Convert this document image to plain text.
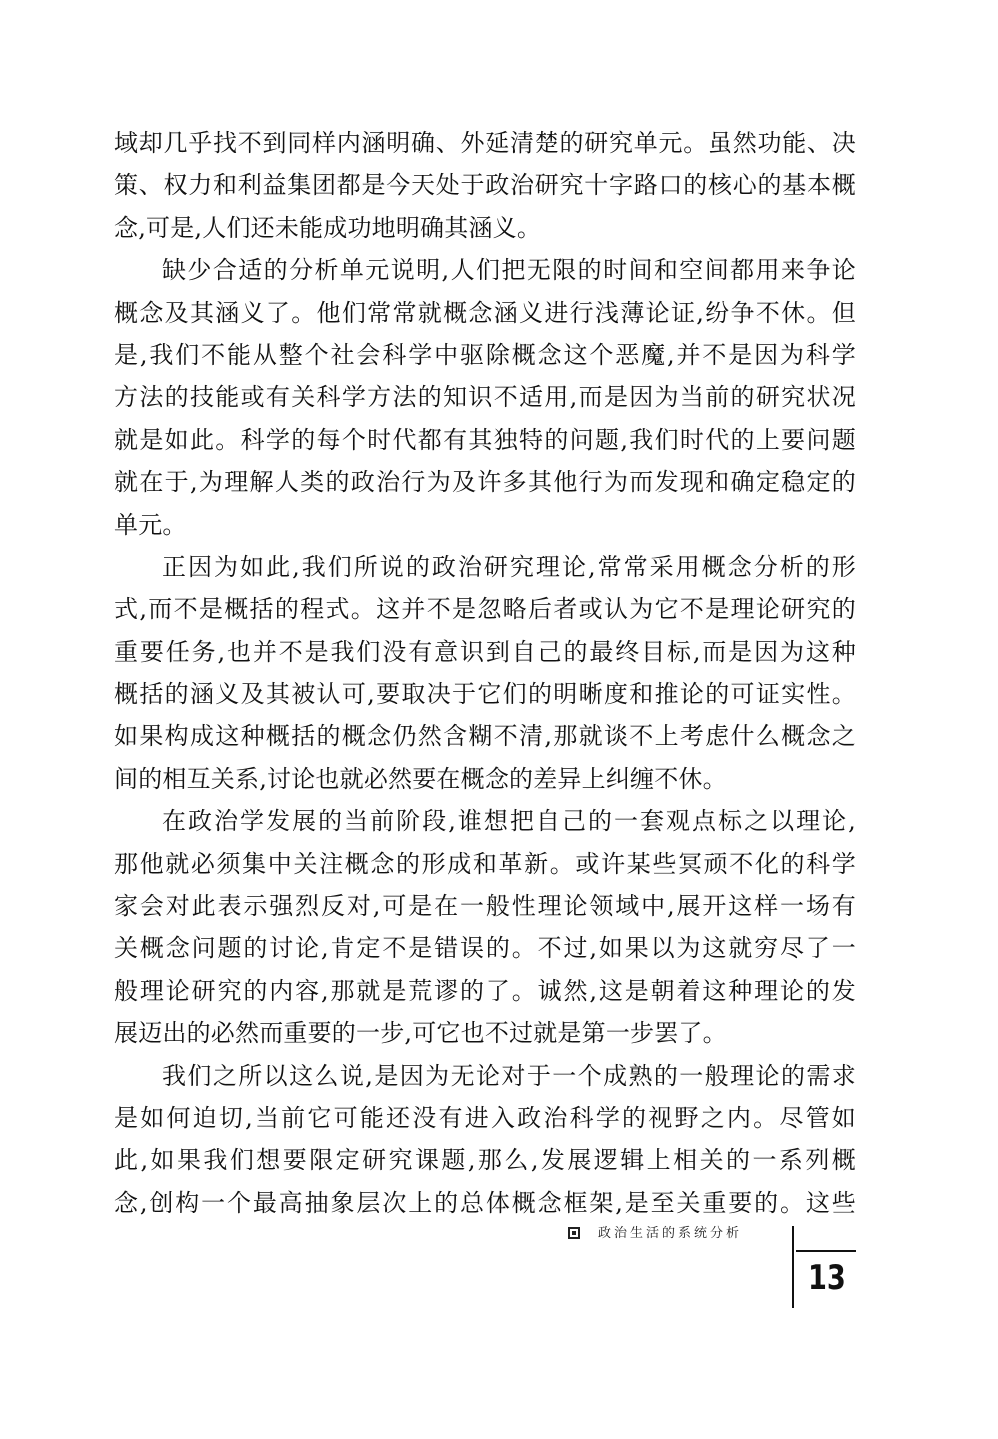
域却几乎找不到同样内涵明确、外延清楚的研究单元。虽然功能、决
策、权力和利益集团都是今天处于政治研究十字路口的核心的基本概
念,可是,人们还未能成功地明确其涵义。
缺少合适的分析单元说明,人们把无限的时间和空间都用来争论
概念及其涵义了。他们常常就概念涵义进行浅薄论证,纷争不休。但
是,我们不能从整个社会科学中驱除概念这个恶魔,并不是因为科学
方法的技能或有关科学方法的知识不适用,而是因为当前的研究状况
就是如此。科学的每个时代都有其独特的问题,我们时代的上要问题
就在于,为理解人类的政治行为及许多其他行为而发现和确定稳定的
单元。
正因为如此,我们所说的政治研究理论,常常采用概念分析的形
式,而不是概括的程式。这并不是忽略后者或认为它不是理论研究的
重要任务,也并不是我们没有意识到自己的最终目标,而是因为这种
概括的涵义及其被认可,要取决于它们的明晰度和推论的可证实性。
如果构成这种概括的概念仍然含糊不清,那就谈不上考虑什么概念之
间的相互关系,讨论也就必然要在概念的差异上纠缠不休。
在政治学发展的当前阶段,谁想把自己的一套观点标之以理论,
那他就必须集中关注概念的形成和革新。或许某些冥顽不化的科学
家会对此表示强烈反对,可是在一般性理论领域中,展开这样一场有
关概念问题的讨论,肯定不是错误的。不过,如果以为这就穷尽了一
般理论研究的内容,那就是荒谬的了。诚然,这是朝着这种理论的发
展迈出的必然而重要的一步,可它也不过就是第一步罢了。
我们之所以这么说,是因为无论对于一个成熟的一般理论的需求
是如何迫切,当前它可能还没有进入政治科学的视野之内。尽管如
此,如果我们想要限定研究课题,那么,发展逻辑上相关的一系列概
念,创构一个最高抽象层次上的总体概念框架,是至关重要的。这些
政治生活的系统分析
13
